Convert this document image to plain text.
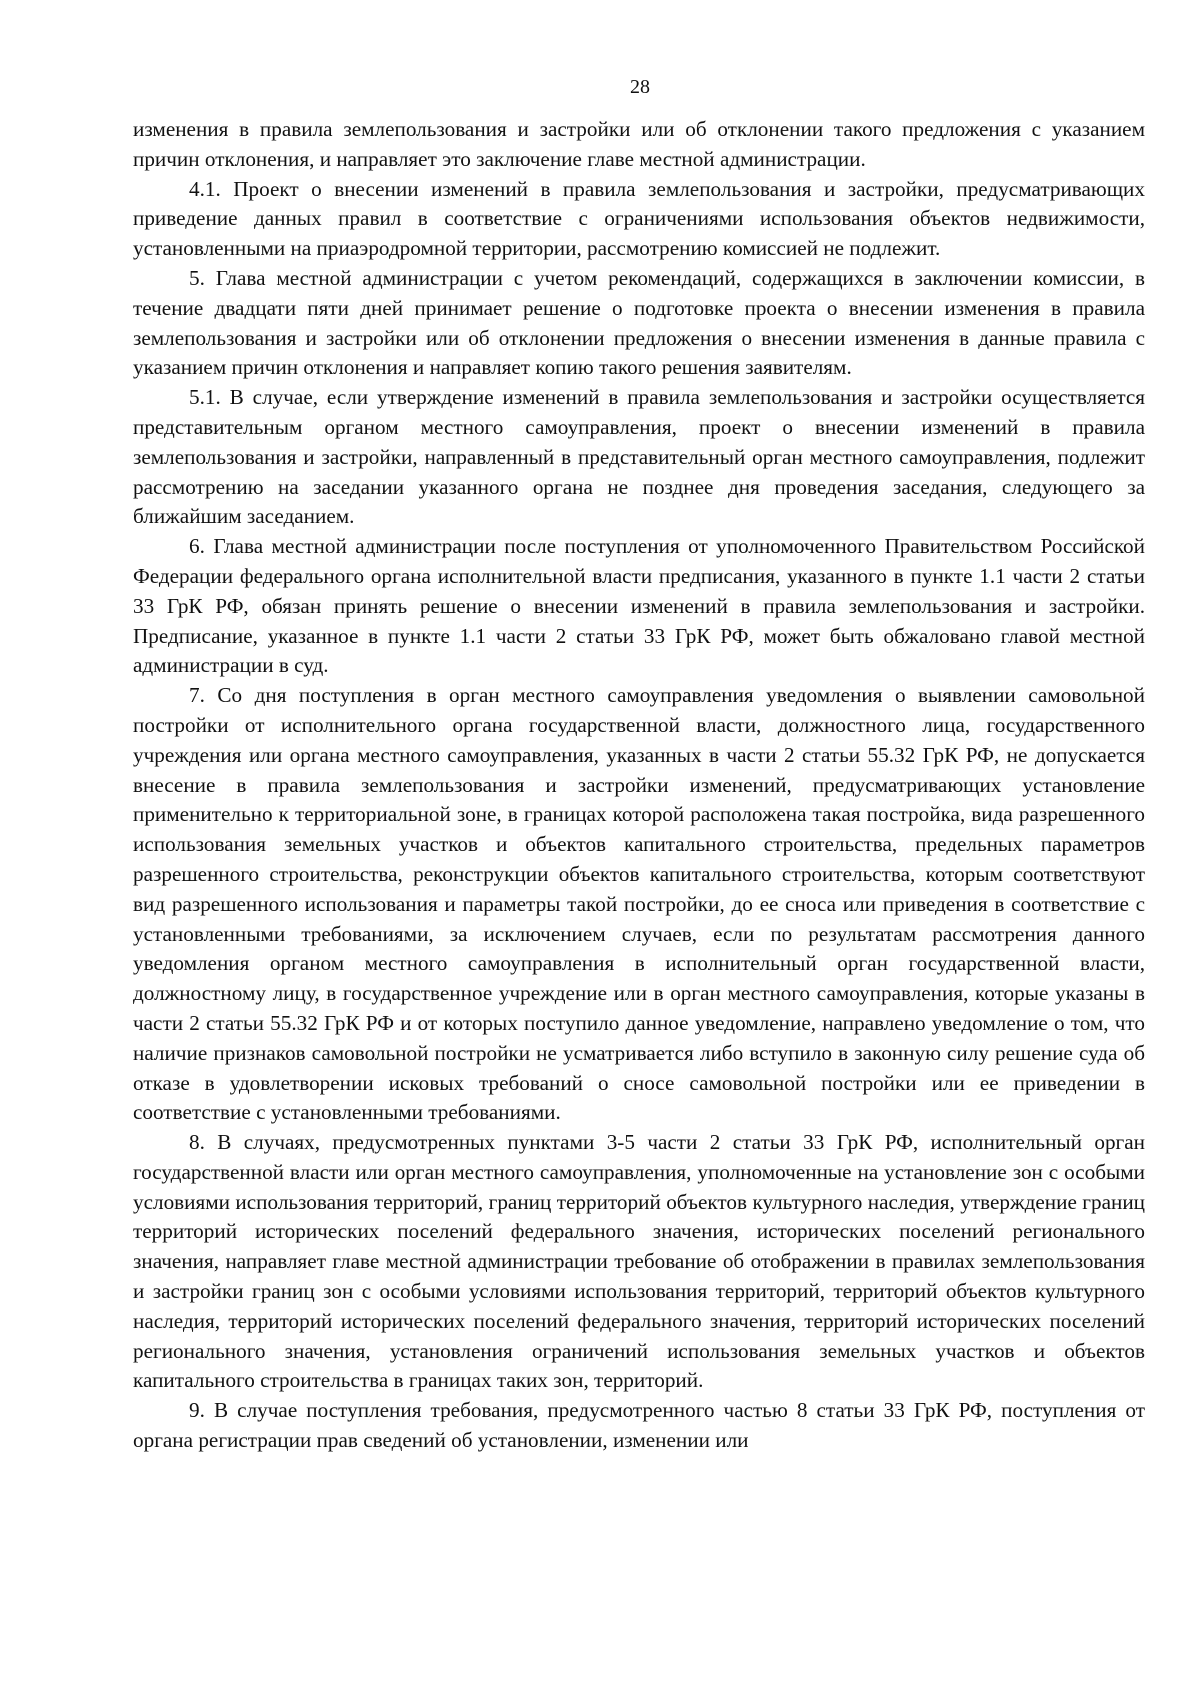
28

изменения в правила землепользования и застройки или об отклонении такого предложения с указанием причин отклонения, и направляет это заключение главе местной администрации.

4.1. Проект о внесении изменений в правила землепользования и застройки, предусматривающих приведение данных правил в соответствие с ограничениями использования объектов недвижимости, установленными на приаэродромной территории, рассмотрению комиссией не подлежит.

5. Глава местной администрации с учетом рекомендаций, содержащихся в заключении комиссии, в течение двадцати пяти дней принимает решение о подготовке проекта о внесении изменения в правила землепользования и застройки или об отклонении предложения о внесении изменения в данные правила с указанием причин отклонения и направляет копию такого решения заявителям.

5.1. В случае, если утверждение изменений в правила землепользования и застройки осуществляется представительным органом местного самоуправления, проект о внесении изменений в правила землепользования и застройки, направленный в представительный орган местного самоуправления, подлежит рассмотрению на заседании указанного органа не позднее дня проведения заседания, следующего за ближайшим заседанием.

6. Глава местной администрации после поступления от уполномоченного Правительством Российской Федерации федерального органа исполнительной власти предписания, указанного в пункте 1.1 части 2 статьи 33 ГрК РФ, обязан принять решение о внесении изменений в правила землепользования и застройки. Предписание, указанное в пункте 1.1 части 2 статьи 33 ГрК РФ, может быть обжаловано главой местной администрации в суд.

7. Со дня поступления в орган местного самоуправления уведомления о выявлении самовольной постройки от исполнительного органа государственной власти, должностного лица, государственного учреждения или органа местного самоуправления, указанных в части 2 статьи 55.32 ГрК РФ, не допускается внесение в правила землепользования и застройки изменений, предусматривающих установление применительно к территориальной зоне, в границах которой расположена такая постройка, вида разрешенного использования земельных участков и объектов капитального строительства, предельных параметров разрешенного строительства, реконструкции объектов капитального строительства, которым соответствуют вид разрешенного использования и параметры такой постройки, до ее сноса или приведения в соответствие с установленными требованиями, за исключением случаев, если по результатам рассмотрения данного уведомления органом местного самоуправления в исполнительный орган государственной власти, должностному лицу, в государственное учреждение или в орган местного самоуправления, которые указаны в части 2 статьи 55.32 ГрК РФ и от которых поступило данное уведомление, направлено уведомление о том, что наличие признаков самовольной постройки не усматривается либо вступило в законную силу решение суда об отказе в удовлетворении исковых требований о сносе самовольной постройки или ее приведении в соответствие с установленными требованиями.

8. В случаях, предусмотренных пунктами 3-5 части 2 статьи 33 ГрК РФ, исполнительный орган государственной власти или орган местного самоуправления, уполномоченные на установление зон с особыми условиями использования территорий, границ территорий объектов культурного наследия, утверждение границ территорий исторических поселений федерального значения, исторических поселений регионального значения, направляет главе местной администрации требование об отображении в правилах землепользования и застройки границ зон с особыми условиями использования территорий, территорий объектов культурного наследия, территорий исторических поселений федерального значения, территорий исторических поселений регионального значения, установления ограничений использования земельных участков и объектов капитального строительства в границах таких зон, территорий.

9. В случае поступления требования, предусмотренного частью 8 статьи 33 ГрК РФ, поступления от органа регистрации прав сведений об установлении, изменении или
